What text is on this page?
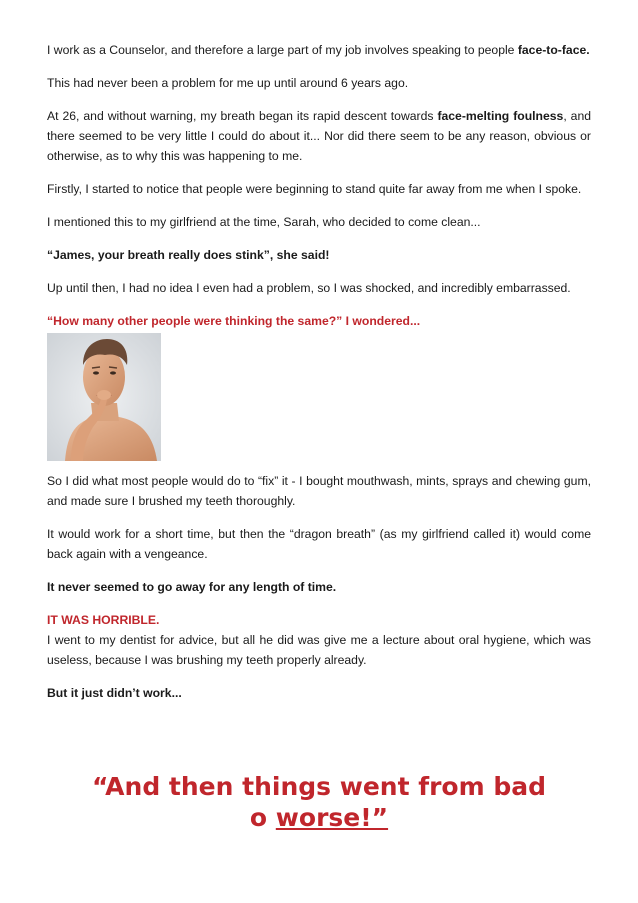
I work as a Counselor, and therefore a large part of my job involves speaking to people face-to-face.

This had never been a problem for me up until around 6 years ago.

At 26, and without warning, my breath began its rapid descent towards face-melting foulness, and there seemed to be very little I could do about it... Nor did there seem to be any reason, obvious or otherwise, as to why this was happening to me.

Firstly, I started to notice that people were beginning to stand quite far away from me when I spoke.

I mentioned this to my girlfriend at the time, Sarah, who decided to come clean...

“James, your breath really does stink”, she said!

Up until then, I had no idea I even had a problem, so I was shocked, and incredibly embarrassed.

“How many other people were thinking the same?” I wondered...

So I did what most people would do to “fix” it - I bought mouthwash, mints, sprays and chewing gum, and made sure I brushed my teeth thoroughly.

It would work for a short time, but then the “dragon breath” (as my girlfriend called it) would come back again with a vengeance.

It never seemed to go away for any length of time.

IT WAS HORRIBLE.

I went to my dentist for advice, but all he did was give me a lecture about oral hygiene, which was useless, because I was brushing my teeth properly already.

But it just didn’t work...

“And then things went from bad
o worse!”
